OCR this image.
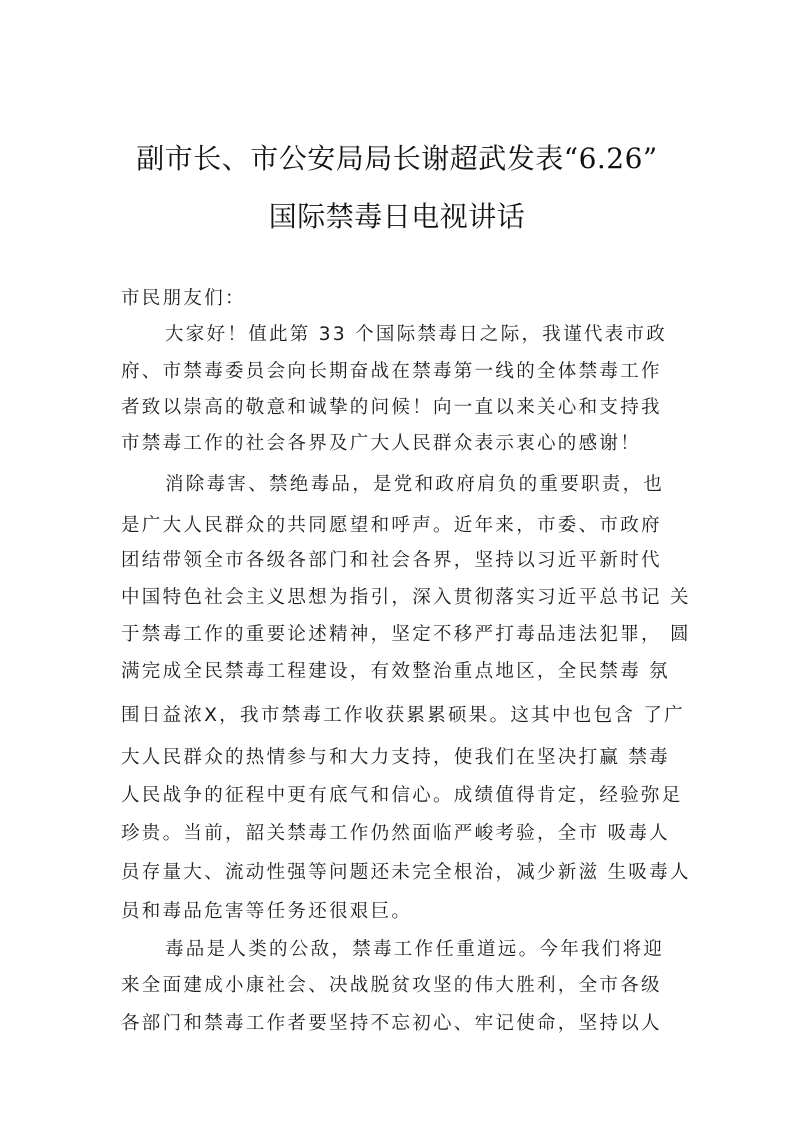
副市长、市公安局局长谢超武发表“6.26”
国际禁毒日电视讲话
市民朋友们：
大家好！值此第 33 个国际禁毒日之际，我谨代表市政
府、市禁毒委员会向长期奋战在禁毒第一线的全体禁毒工作
者致以崇高的敬意和诚挚的问候！向一直以来关心和支持我
市禁毒工作的社会各界及广大人民群众表示衷心的感谢！
消除毒害、禁绝毒品，是党和政府肩负的重要职责，也
是广大人民群众的共同愿望和呼声。近年来，市委、市政府
团结带领全市各级各部门和社会各界，坚持以习近平新时代
中国特色社会主义思想为指引，深入贯彻落实习近平总书记 关
于禁毒工作的重要论述精神，坚定不移严打毒品违法犯罪， 圆
满完成全民禁毒工程建设，有效整治重点地区，全民禁毒 氛
围日益浓X，我市禁毒工作收获累累硕果。这其中也包含 了广
大人民群众的热情参与和大力支持，使我们在坚决打赢 禁毒
人民战争的征程中更有底气和信心。成绩值得肯定，经验弥足
珍贵。当前，韶关禁毒工作仍然面临严峻考验，全市 吸毒人
员存量大、流动性强等问题还未完全根治，减少新滋 生吸毒人
员和毒品危害等任务还很艰巨。
毒品是人类的公敌，禁毒工作任重道远。今年我们将迎
来全面建成小康社会、决战脱贫攻坚的伟大胜利，全市各级
各部门和禁毒工作者要坚持不忘初心、牢记使命，坚持以人
